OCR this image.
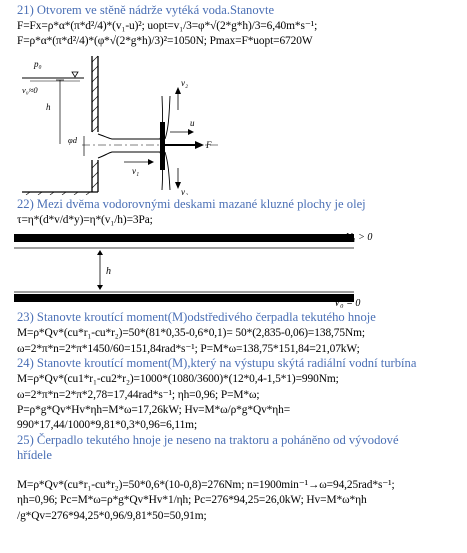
21) Otvorem ve stěně nádrže vytéká voda.Stanovte
F=Fx=ρ*α*(π*d²/4)*(v₁-u)²; uopt=v₁/3=φ*√(2*g*h)/3=6,40m*s⁻¹;
F=ρ*α*(π*d²/4)*(φ*√(2*g*h)/3)²=1050N; Pmax=F*uopt=6720W
p₀
v₀≈0
h
φd
v₁
F
u
v₂
v₂
22) Mezi dvěma vodorovnými deskami mazané kluzné plochy je olej
τ=η*(d*v/d*y)=η*(v₁/h)=3Pa;
V₁ > 0
h
V₀ = 0
23) Stanovte kroutící moment(M)odstředivého čerpadla tekutého hnoje
M=ρ*Qv*(cu*r₁-cu*r₂)=50*(81*0,35-0,6*0,1)= 50*(2,835-0,06)=138,75Nm;
ω=2*π*n=2*π*1450/60=151,84rad*s⁻¹; P=M*ω=138,75*151,84=21,07kW;
24) Stanovte kroutící moment(M),který na výstupu skýtá radiální vodní turbína
M=ρ*Qv*(cu1*r₁-cu2*r₂)=1000*(1080/3600)*(12*0,4-1,5*1)=990Nm;
ω=2*π*n=2*π*2,78=17,44rad*s⁻¹; ηh=0,96; P=M*ω;
P=ρ*g*Qv*Hv*ηh=M*ω=17,26kW; Hv=M*ω/ρ*g*Qv*ηh=
990*17,44/1000*9,81*0,3*0,96=6,11m;
25) Čerpadlo tekutého hnoje je neseno na traktoru a poháněno od vývodové
hřídele
M=ρ*Qv*(cu*r₁-cu*r₂)=50*0,6*(10-0,8)=276Nm; n=1900min⁻¹→ω=94,25rad*s⁻¹;
ηh=0,96; Pc=M*ω=ρ*g*Qv*Hv*1/ηh; Pc=276*94,25=26,0kW; Hv=M*ω*ηh
/g*Qv=276*94,25*0,96/9,81*50=50,91m;
